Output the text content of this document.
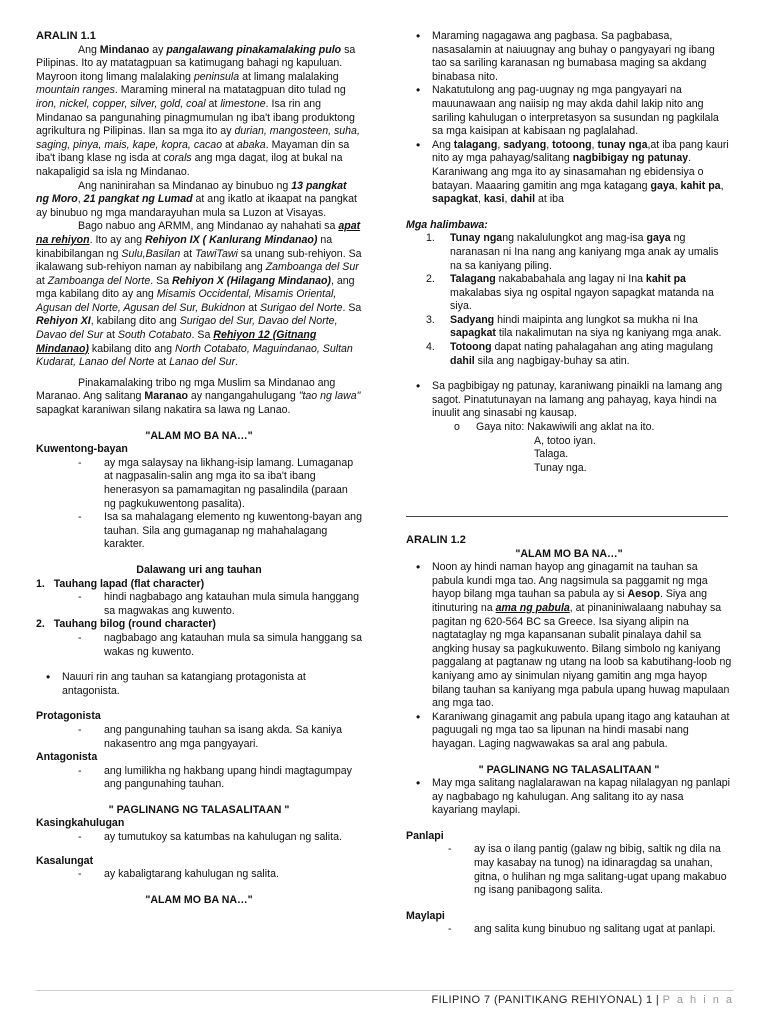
ARALIN 1.1

Ang Mindanao ay pangalawang pinakamalaking pulo sa Pilipinas. Ito ay matatagpuan sa katimugang bahagi ng kapuluan. Mayroon itong limang malalaking peninsula at limang malalaking mountain ranges. Maraming mineral na matatagpuan dito tulad ng iron, nickel, copper, silver, gold, coal at limestone. Isa rin ang Mindanao sa pangunahing pinagmumulan ng iba't ibang produktong agrikultura ng Pilipinas. Ilan sa mga ito ay durian, mangosteen, suha, saging, pinya, mais, kape, kopra, cacao at abaka. Mayaman din sa iba't ibang klase ng isda at corals ang mga dagat, ilog at bukal na nakapaligid sa isla ng Mindanao.

Ang naninirahan sa Mindanao ay binubuo ng 13 pangkat ng Moro, 21 pangkat ng Lumad at ang ikatlo at ikaapat na pangkat ay binubuo ng mga mandarayuhan mula sa Luzon at Visayas.

Bago nabuo ang ARMM, ang Mindanao ay nahahati sa apat na rehiyon. Ito ay ang Rehiyon IX ( Kanlurang Mindanao) na kinabibilangan ng Sulu,Basilan at TawiTawi sa unang sub-rehiyon. Sa ikalawang sub-rehiyon naman ay nabibilang ang Zamboanga del Sur at Zamboanga del Norte. Sa Rehiyon X (Hilagang Mindanao), ang mga kabilang dito ay ang Misamis Occidental, Misamis Oriental, Agusan del Norte, Agusan del Sur, Bukidnon at Surigao del Norte. Sa Rehiyon XI, kabilang dito ang Surigao del Sur, Davao del Norte, Davao del Sur at South Cotabato. Sa Rehiyon 12 (Gitnang Mindanao) kabilang dito ang North Cotabato, Maguindanao, Sultan Kudarat, Lanao del Norte at Lanao del Sur.

Pinakamalaking tribo ng mga Muslim sa Mindanao ang Maranao. Ang salitang Maranao ay nangangahulugang "tao ng lawa" sapagkat karaniwan silang nakatira sa lawa ng Lanao.

"ALAM MO BA NA…"

Kuwentong-bayan

- ay mga salaysay na likhang-isip lamang. Lumaganap at nagpasalin-salin ang mga ito sa iba't ibang henerasyon sa pamamagitan ng pasalindila (paraan ng pagkukuwentong pasalita).
- Isa sa mahalagang elemento ng kuwentong-bayan ang tauhan. Sila ang gumaganap ng mahahalagang karakter.

Dalawang uri ang tauhan

1. Tauhang lapad (flat character)

- hindi nagbabago ang katauhan mula simula hanggang sa magwakas ang kuwento.

2. Tauhang bilog (round character)

- nagbabago ang katauhan mula sa simula hanggang sa wakas ng kuwento.
• Nauuri rin ang tauhan sa katangiang protagonista at antagonista.

Protagonista

- ang pangunahing tauhan sa isang akda. Sa kaniya nakasentro ang mga pangyayari.

Antagonista

- ang lumilikha ng hakbang upang hindi magtagumpay ang pangunahing tauhan.

" PAGLINANG NG TALASALITAAN "

Kasingkahulugan

- ay tumutukoy sa katumbas na kahulugan ng salita.

Kasalungat

- ay kabaligtarang kahulugan ng salita.

"ALAM MO BA NA…"

• Maraming nagagawa ang pagbasa. Sa pagbabasa, nasasalamin at naiuugnay ang buhay o pangyayari ng ibang tao sa sariling karanasan ng bumabasa maging sa akdang binabasa nito.
• Nakatutulong ang pag-uugnay ng mga pangyayari na mauunawaan ang naiisip ng may akda dahil lakip nito ang sariling kahulugan o interpretasyon sa susundan ng pagkilala sa mga kaisipan at kabisaan ng paglalahad.
• Ang talagang, sadyang, totoong, tunay nga,at iba pang kauri nito ay mga pahayag/salitang nagbibigay ng patunay. Karaniwang ang mga ito ay sinasamahan ng ebidensiya o batayan. Maaaring gamitin ang mga katagang gaya, kahit pa, sapagkat, kasi, dahil at iba

Mga halimbawa:

1. Tunay ngang nakalulungkot ang mag-isa gaya ng naranasan ni Ina nang ang kaniyang mga anak ay umalis na sa kaniyang piling.
2. Talagang nakababahala ang lagay ni Ina kahit pa makalabas siya ng ospital ngayon sapagkat matanda na siya.
3. Sadyang hindi maipinta ang lungkot sa mukha ni Ina sapagkat tila nakalimutan na siya ng kaniyang mga anak.
4. Totoong dapat nating pahalagahan ang ating magulang dahil sila ang nagbigay-buhay sa atin.
• Sa pagbibigay ng patunay, karaniwang pinaikli na lamang ang sagot. Pinatutunayan na lamang ang pahayag, kaya hindi na inuulit ang sinasabi ng kausap.
o Gaya nito: Nakawiwili ang aklat na ito.

A, totoo iyan.

Talaga.

Tunay nga.

ARALIN 1.2

"ALAM MO BA NA…"

• Noon ay hindi naman hayop ang ginagamit na tauhan sa pabula kundi mga tao. Ang nagsimula sa paggamit ng mga hayop bilang mga tauhan sa pabula ay si Aesop. Siya ang itinuturing na ama ng pabula, at pinaniniwalaang nabuhay sa pagitan ng 620-564 BC sa Greece. Isa siyang alipin na nagtataglay ng mga kapansanan subalit pinalaya dahil sa angking husay sa pagkukuwento. Bilang simbolo ng kaniyang paggalang at pagtanaw ng utang na loob sa kabutihang-loob ng kaniyang amo ay sinimulan niyang gamitin ang mga hayop bilang tauhan sa kaniyang mga pabula upang huwag mapulaan ang mga tao.
• Karaniwang ginagamit ang pabula upang itago ang katauhan at paguugali ng mga tao sa lipunan na hindi masabi nang hayagan. Laging nagwawakas sa aral ang pabula.

" PAGLINANG NG TALASALITAAN "

• May mga salitang naglalarawan na kapag nilalagyan ng panlapi ay nagbabago ng kahulugan. Ang salitang ito ay nasa kayariang maylapi.

Panlapi

- ay isa o ilang pantig (galaw ng bibig, saltik ng dila na may kasabay na tunog) na idinaragdag sa unahan, gitna, o hulihan ng mga salitang-ugat upang makabuo ng isang panibagong salita.

Maylapi

- ang salita kung binubuo ng salitang ugat at panlapi.
FILIPINO 7 (PANITIKANG REHIYONAL) 1 | P a h i n a
